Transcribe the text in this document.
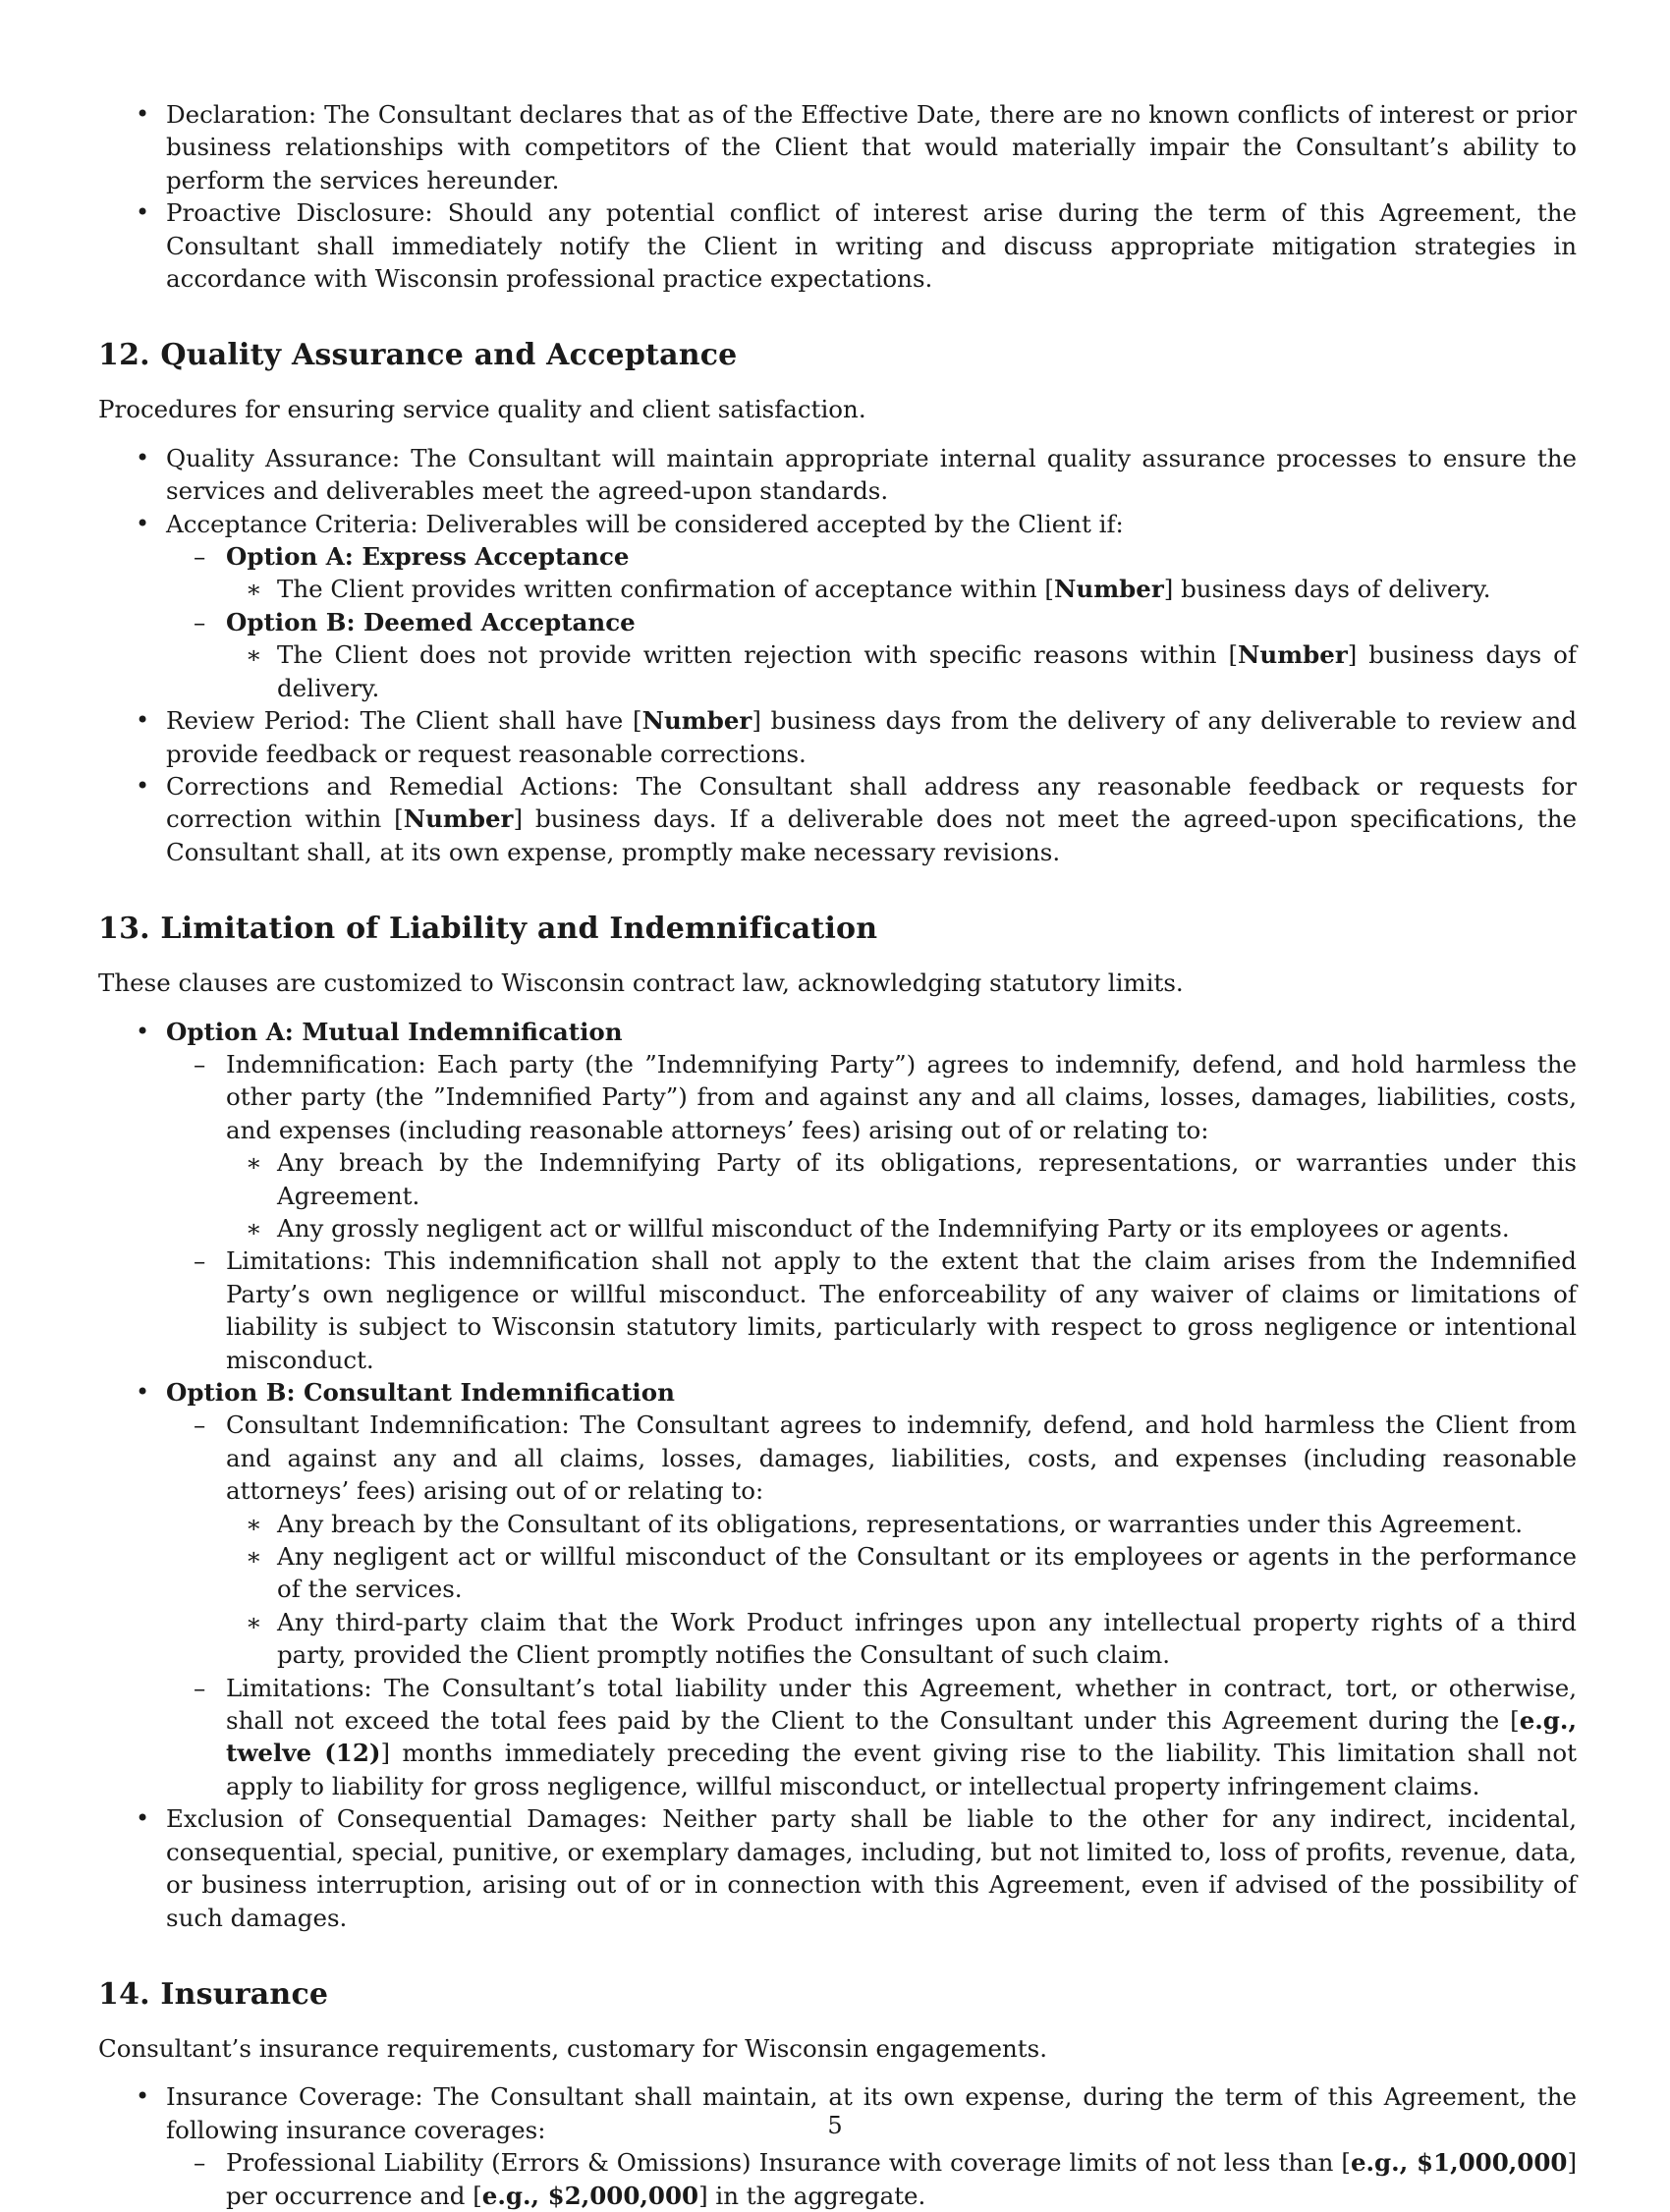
• Declaration: The Consultant declares that as of the Effective Date, there are no known conflicts of interest or prior business relationships with competitors of the Client that would materially impair the Consultant’s ability to perform the services hereunder.
• Proactive Disclosure: Should any potential conflict of interest arise during the term of this Agreement, the Consultant shall immediately notify the Client in writing and discuss appropriate mitigation strategies in accordance with Wisconsin professional practice expectations.
12. Quality Assurance and Acceptance

Procedures for ensuring service quality and client satisfaction.

• Quality Assurance: The Consultant will maintain appropriate internal quality assurance processes to ensure the services and deliverables meet the agreed-upon standards.
• Acceptance Criteria: Deliverables will be considered accepted by the Client if:
– Option A: Express Acceptance
∗ The Client provides written confirmation of acceptance within [Number] business days of delivery.
– Option B: Deemed Acceptance
∗ The Client does not provide written rejection with specific reasons within [Number] business days of delivery.
• Review Period: The Client shall have [Number] business days from the delivery of any deliverable to review and provide feedback or request reasonable corrections.
• Corrections and Remedial Actions: The Consultant shall address any reasonable feedback or requests for correction within [Number] business days. If a deliverable does not meet the agreed-upon specifications, the Consultant shall, at its own expense, promptly make necessary revisions.
13. Limitation of Liability and Indemnification

These clauses are customized to Wisconsin contract law, acknowledging statutory limits.

• Option A: Mutual Indemnification
– Indemnification: Each party (the ”Indemnifying Party”) agrees to indemnify, defend, and hold harmless the other party (the ”Indemnified Party”) from and against any and all claims, losses, damages, liabilities, costs, and expenses (including reasonable attorneys’ fees) arising out of or relating to:
∗ Any breach by the Indemnifying Party of its obligations, representations, or warranties under this Agreement.
∗ Any grossly negligent act or willful misconduct of the Indemnifying Party or its employees or agents.
– Limitations: This indemnification shall not apply to the extent that the claim arises from the Indemnified Party’s own negligence or willful misconduct. The enforceability of any waiver of claims or limitations of liability is subject to Wisconsin statutory limits, particularly with respect to gross negligence or intentional misconduct.
• Option B: Consultant Indemnification
– Consultant Indemnification: The Consultant agrees to indemnify, defend, and hold harmless the Client from and against any and all claims, losses, damages, liabilities, costs, and expenses (including reasonable attorneys’ fees) arising out of or relating to:
∗ Any breach by the Consultant of its obligations, representations, or warranties under this Agreement.
∗ Any negligent act or willful misconduct of the Consultant or its employees or agents in the performance of the services.
∗ Any third-party claim that the Work Product infringes upon any intellectual property rights of a third party, provided the Client promptly notifies the Consultant of such claim.
– Limitations: The Consultant’s total liability under this Agreement, whether in contract, tort, or otherwise, shall not exceed the total fees paid by the Client to the Consultant under this Agreement during the [e.g., twelve (12)] months immediately preceding the event giving rise to the liability. This limitation shall not apply to liability for gross negligence, willful misconduct, or intellectual property infringement claims.
• Exclusion of Consequential Damages: Neither party shall be liable to the other for any indirect, incidental, consequential, special, punitive, or exemplary damages, including, but not limited to, loss of profits, revenue, data, or business interruption, arising out of or in connection with this Agreement, even if advised of the possibility of such damages.
14. Insurance

Consultant’s insurance requirements, customary for Wisconsin engagements.

• Insurance Coverage: The Consultant shall maintain, at its own expense, during the term of this Agreement, the following insurance coverages:
– Professional Liability (Errors & Omissions) Insurance with coverage limits of not less than [e.g., $1,000,000] per occurrence and [e.g., $2,000,000] in the aggregate.
5
